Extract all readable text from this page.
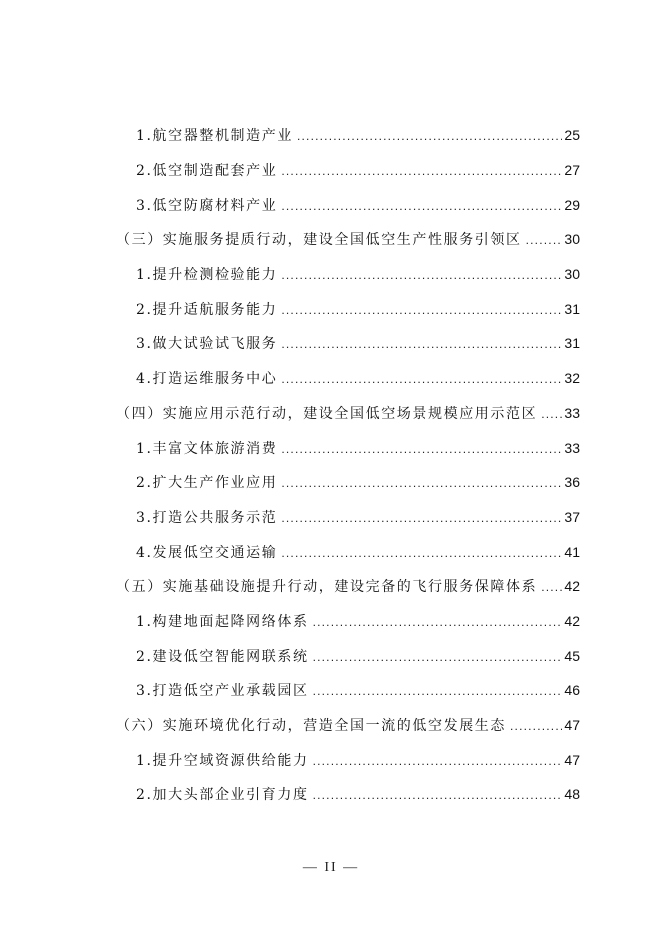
1.航空器整机制造产业 .....	25
2.低空制造配套产业 .....	27
3.低空防腐材料产业 .....	29
（三）实施服务提质行动，建设全国低空生产性服务引领区 .....	30
1.提升检测检验能力 .....	30
2.提升适航服务能力 .....	31
3.做大试验试飞服务 .....	31
4.打造运维服务中心 .....	32
（四）实施应用示范行动，建设全国低空场景规模应用示范区 ..... 33
1.丰富文体旅游消费 .....	33
2.扩大生产作业应用 .....	36
3.打造公共服务示范 .....	37
4.发展低空交通运输 .....	41
（五）实施基础设施提升行动，建设完备的飞行服务保障体系 ..... 42
1.构建地面起降网络体系 .....	42
2.建设低空智能网联系统 .....	45
3.打造低空产业承载园区 .....	46
（六）实施环境优化行动，营造全国一流的低空发展生态 .....	47
1.提升空域资源供给能力 .....	47
2.加大头部企业引育力度 .....	48
— II —
